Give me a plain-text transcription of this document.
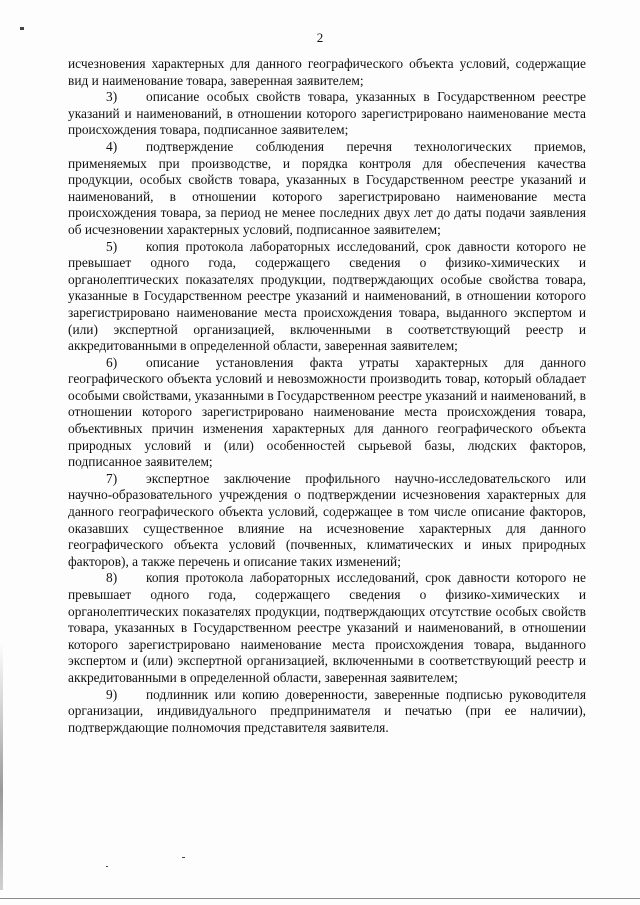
2

исчезновения характерных для данного географического объекта условий, содержащие вид и наименование товара, заверенная заявителем;

3) описание особых свойств товара, указанных в Государственном реестре указаний и наименований, в отношении которого зарегистрировано наименование места происхождения товара, подписанное заявителем;

4) подтверждение соблюдения перечня технологических приемов, применяемых при производстве, и порядка контроля для обеспечения качества продукции, особых свойств товара, указанных в Государственном реестре указаний и наименований, в отношении которого зарегистрировано наименование места происхождения товара, за период не менее последних двух лет до даты подачи заявления об исчезновении характерных условий, подписанное заявителем;

5) копия протокола лабораторных исследований, срок давности которого не превышает одного года, содержащего сведения о физико-химических и органолептических показателях продукции, подтверждающих особые свойства товара, указанные в Государственном реестре указаний и наименований, в отношении которого зарегистрировано наименование места происхождения товара, выданного экспертом и (или) экспертной организацией, включенными в соответствующий реестр и аккредитованными в определенной области, заверенная заявителем;

6) описание установления факта утраты характерных для данного географического объекта условий и невозможности производить товар, который обладает особыми свойствами, указанными в Государственном реестре указаний и наименований, в отношении которого зарегистрировано наименование места происхождения товара, объективных причин изменения характерных для данного географического объекта природных условий и (или) особенностей сырьевой базы, людских факторов, подписанное заявителем;

7) экспертное заключение профильного научно-исследовательского или научно-образовательного учреждения о подтверждении исчезновения характерных для данного географического объекта условий, содержащее в том числе описание факторов, оказавших существенное влияние на исчезновение характерных для данного географического объекта условий (почвенных, климатических и иных природных факторов), а также перечень и описание таких изменений;

8) копия протокола лабораторных исследований, срок давности которого не превышает одного года, содержащего сведения о физико-химических и органолептических показателях продукции, подтверждающих отсутствие особых свойств товара, указанных в Государственном реестре указаний и наименований, в отношении которого зарегистрировано наименование места происхождения товара, выданного экспертом и (или) экспертной организацией, включенными в соответствующий реестр и аккредитованными в определенной области, заверенная заявителем;

9) подлинник или копию доверенности, заверенные подписью руководителя организации, индивидуального предпринимателя и печатью (при ее наличии), подтверждающие полномочия представителя заявителя.
